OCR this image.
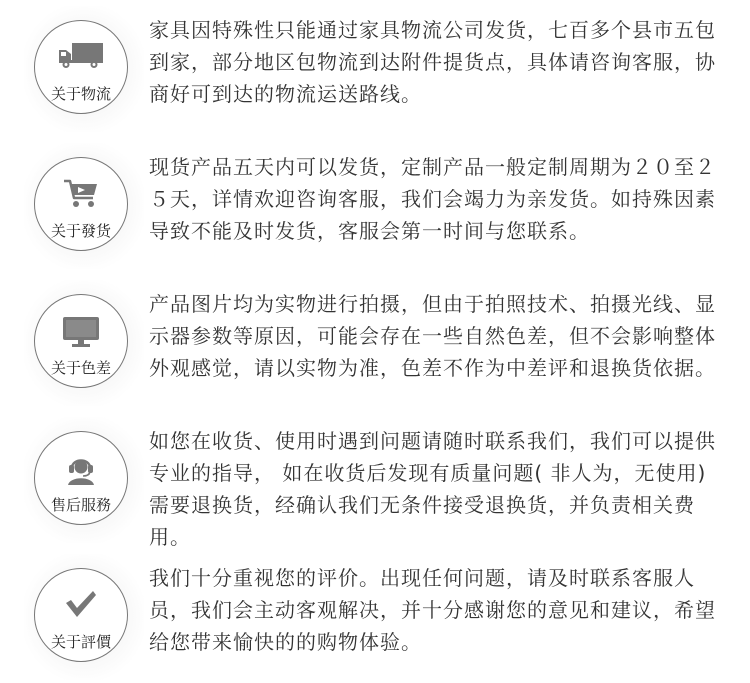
关于物流

家具因特殊性只能通过家具物流公司发货，七百多个县市五包到家，部分地区包物流到达附件提货点，具体请咨询客服，协商好可到达的物流运送路线。

关于發货

现货产品五天内可以发货，定制产品一般定制周期为２０至２５天，详情欢迎咨询客服，我们会竭力为亲发货。如持殊因素导致不能及时发货，客服会第一时间与您联系。

关于色差

产品图片均为实物进行拍摄，但由于拍照技术、拍摄光线、显示器参数等原因，可能会存在一些自然色差，但不会影响整体外观感觉，请以实物为准，色差不作为中差评和退换货依据。

售后服務

如您在收货、使用时遇到问题请随时联系我们，我们可以提供专业的指导， 如在收货后发现有质量问题( 非人为，无使用) 需要退换货，经确认我们无条件接受退换货，并负责相关费用。

关于評價

我们十分重视您的评价。出现任何问题，请及时联系客服人员，我们会主动客观解决，并十分感谢您的意见和建议，希望给您带来愉快的的购物体验。
